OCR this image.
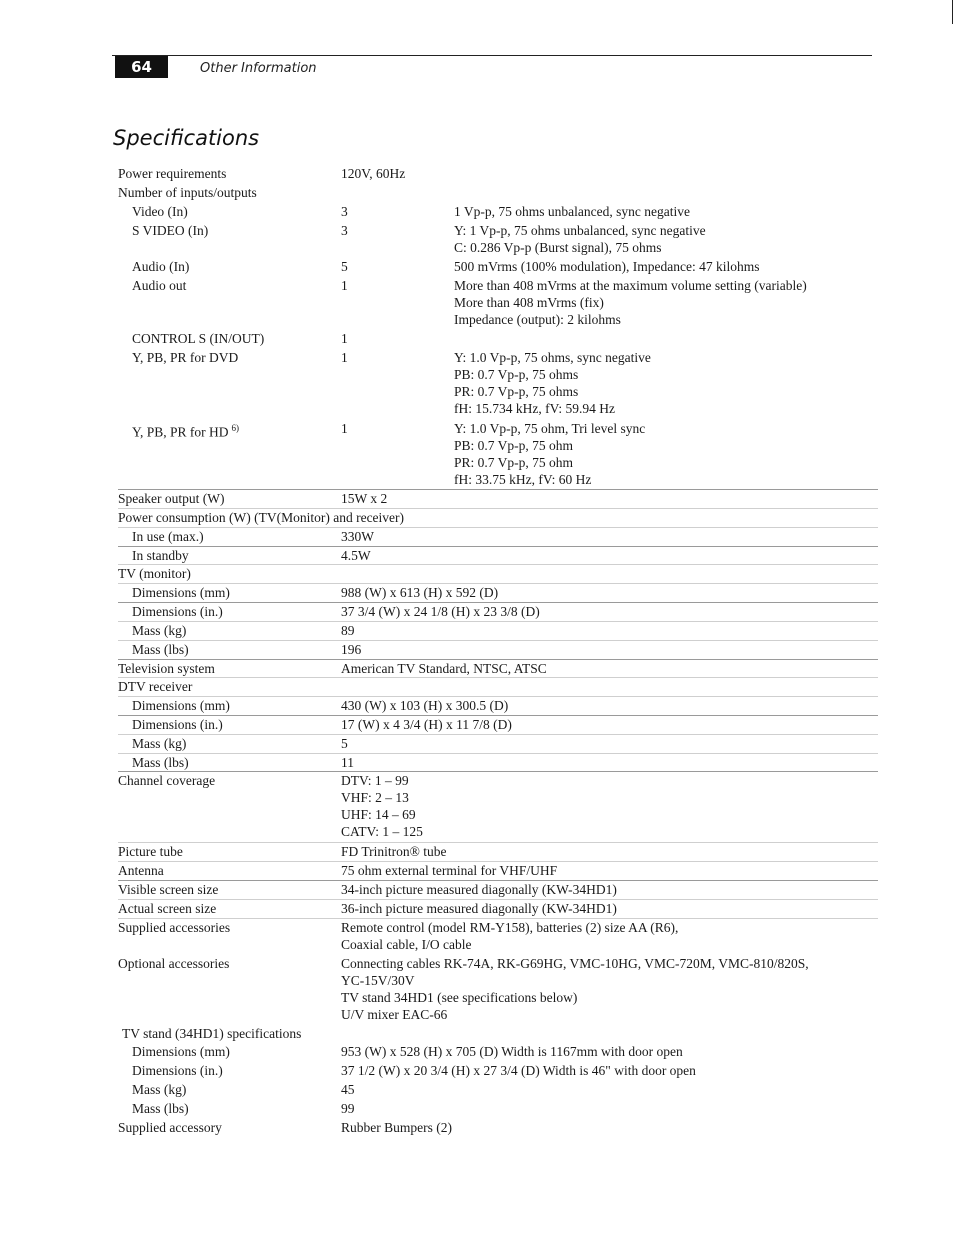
64	Other Information
Specifications
Power requirements	120V, 60Hz
Number of inputs/outputs
Video (In)	3	1 Vp-p, 75 ohms unbalanced, sync negative
S VIDEO (In)	3	Y: 1 Vp-p, 75 ohms unbalanced, sync negative
C: 0.286 Vp-p (Burst signal), 75 ohms
Audio (In)	5	500 mVrms (100% modulation), Impedance: 47 kilohms
Audio out	1	More than 408 mVrms at the maximum volume setting (variable)
More than 408 mVrms (fix)
Impedance (output): 2 kilohms
CONTROL S (IN/OUT)	1
Y, PB, PR for DVD	1	Y: 1.0 Vp-p, 75 ohms, sync negative
PB: 0.7 Vp-p, 75 ohms
PR: 0.7 Vp-p, 75 ohms
fH: 15.734 kHz, fV: 59.94 Hz
Y, PB, PR for HD $^{6)}$	1	Y: 1.0 Vp-p, 75 ohm, Tri level sync
PB: 0.7 Vp-p, 75 ohm
PR: 0.7 Vp-p, 75 ohm
fH: 33.75 kHz, fV: 60 Hz
Speaker output (W)	15W x 2
Power consumption (W) (TV(Monitor) and receiver)
In use (max.)	330W
In standby	4.5W
TV (monitor)
Dimensions (mm)	988 (W) x 613 (H) x 592 (D)
Dimensions (in.)	37 3/4 (W) x 24 1/8 (H) x 23 3/8 (D)
Mass (kg)	89
Mass (lbs)	196
Television system	American TV Standard, NTSC, ATSC
DTV receiver
Dimensions (mm)	430 (W) x 103 (H) x 300.5 (D)
Dimensions (in.)	17 (W) x 4 3/4 (H) x 11 7/8 (D)
Mass (kg)	5
Mass (lbs)	11
Channel coverage	DTV: 1 – 99
VHF: 2 – 13
UHF: 14 – 69
CATV: 1 – 125
Picture tube	FD Trinitron® tube
Antenna	75 ohm external terminal for VHF/UHF
Visible screen size	34-inch picture measured diagonally (KW-34HD1)
Actual screen size	36-inch picture measured diagonally (KW-34HD1)
Supplied accessories	Remote control (model RM-Y158), batteries (2) size AA (R6),
Coaxial cable, I/O cable
Optional accessories	Connecting cables RK-74A, RK-G69HG, VMC-10HG, VMC-720M, VMC-810/820S,
YC-15V/30V
TV stand 34HD1 (see specifications below)
U/V mixer EAC-66
TV stand (34HD1) specifications
Dimensions (mm)	953 (W) x 528 (H) x 705 (D) Width is 1167mm with door open
Dimensions (in.)	37 1/2 (W) x 20 3/4 (H) x 27 3/4 (D) Width is 46" with door open
Mass (kg)	45
Mass (lbs)	99
Supplied accessory	Rubber Bumpers (2)
